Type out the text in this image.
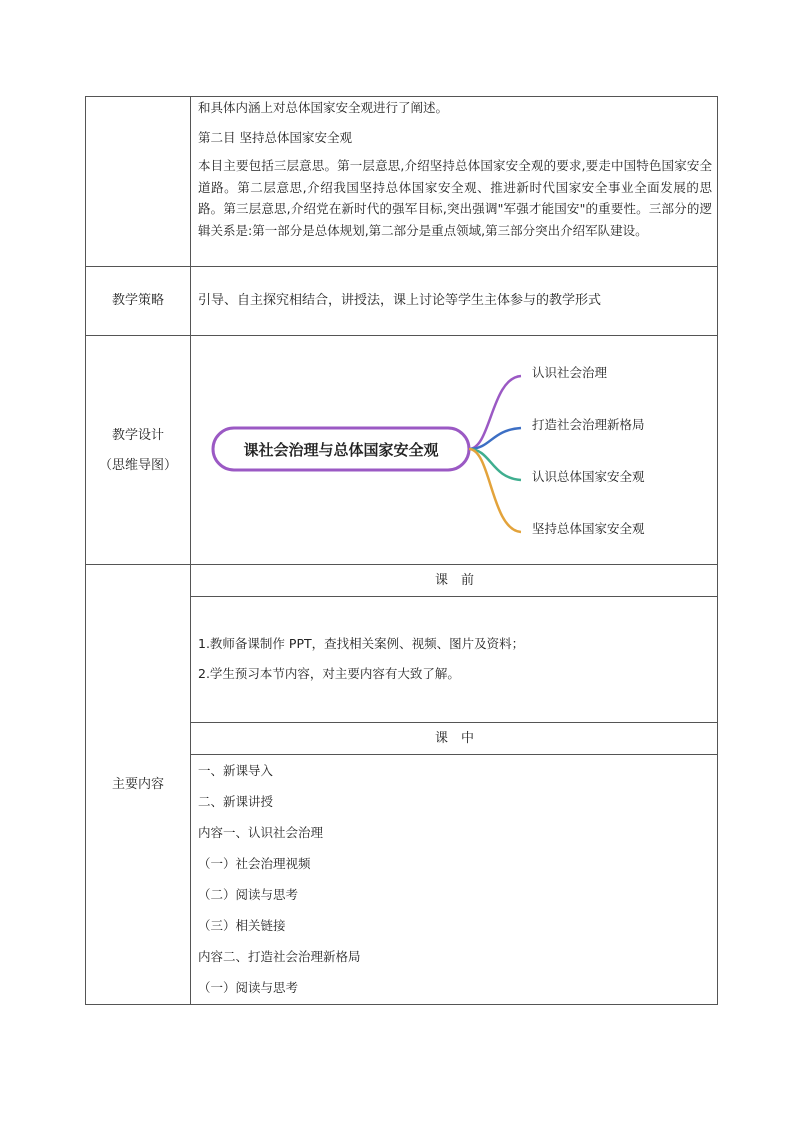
和具体内涵上对总体国家安全观进行了阐述。
第二目 坚持总体国家安全观
本目主要包括三层意思。第一层意思,介绍坚持总体国家安全观的要求,要走中国特色国家安全道路。第二层意思,介绍我国坚持总体国家安全观、推进新时代国家安全事业全面发展的思路。第三层意思,介绍党在新时代的强军目标,突出强调"军强才能国安"的重要性。三部分的逻辑关系是:第一部分是总体规划,第二部分是重点领域,第三部分突出介绍军队建设。
教学策略	引导、自主探究相结合，讲授法，课上讨论等学生主体参与的教学形式
教学设计
（思维导图）
课社会治理与总体国家安全观
认识社会治理
打造社会治理新格局
认识总体国家安全观
坚持总体国家安全观
主要内容
课　前
1.教师备课制作 PPT，查找相关案例、视频、图片及资料；
2.学生预习本节内容，对主要内容有大致了解。
课　中
一、新课导入
二、新课讲授
内容一、认识社会治理
（一）社会治理视频
（二）阅读与思考
（三）相关链接
内容二、打造社会治理新格局
（一）阅读与思考
